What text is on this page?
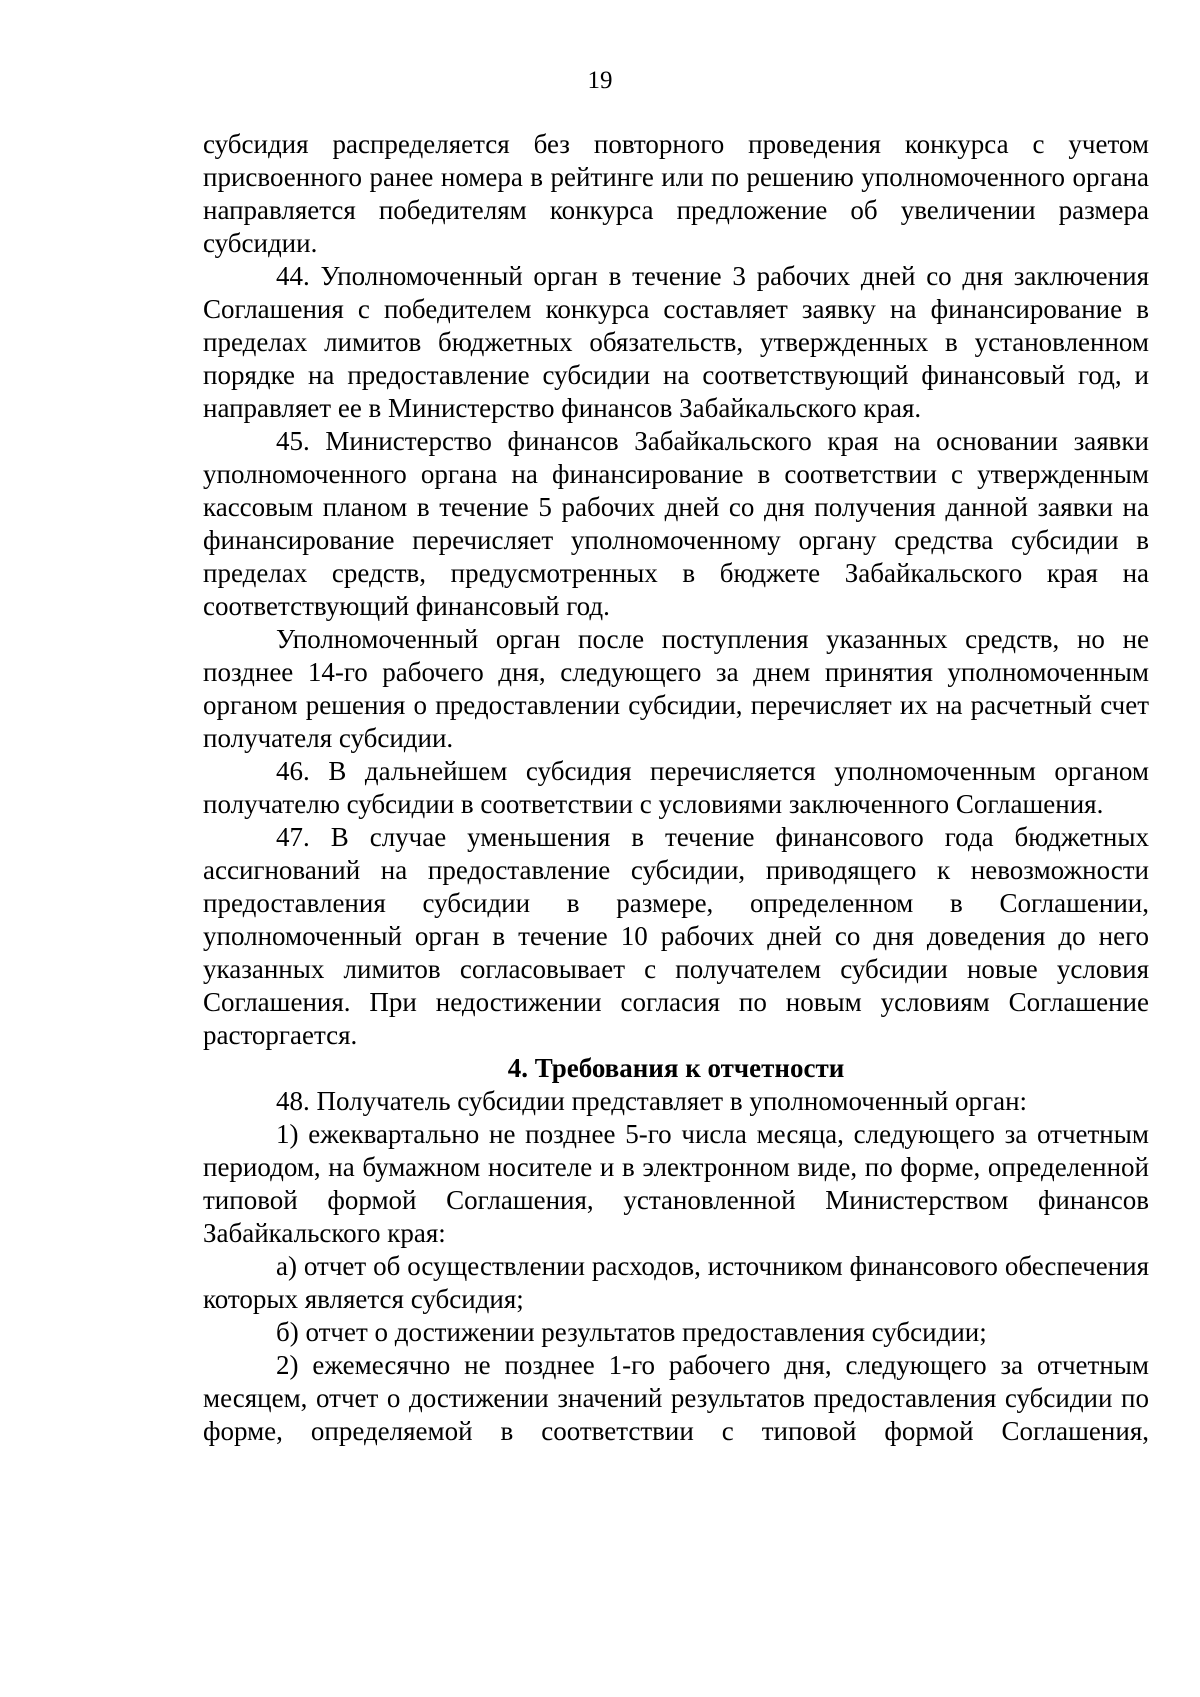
19

субсидия распределяется без повторного проведения конкурса с учетом присвоенного ранее номера в рейтинге или по решению уполномоченного органа направляется победителям конкурса предложение об увеличении размера субсидии.

44. Уполномоченный орган в течение 3 рабочих дней со дня заключения Соглашения с победителем конкурса составляет заявку на финансирование в пределах лимитов бюджетных обязательств, утвержденных в установленном порядке на предоставление субсидии на соответствующий финансовый год, и направляет ее в Министерство финансов Забайкальского края.

45. Министерство финансов Забайкальского края на основании заявки уполномоченного органа на финансирование в соответствии с утвержденным кассовым планом в течение 5 рабочих дней со дня получения данной заявки на финансирование перечисляет уполномоченному органу средства субсидии в пределах средств, предусмотренных в бюджете Забайкальского края на соответствующий финансовый год.

Уполномоченный орган после поступления указанных средств, но не позднее 14-го рабочего дня, следующего за днем принятия уполномоченным органом решения о предоставлении субсидии, перечисляет их на расчетный счет получателя субсидии.

46. В дальнейшем субсидия перечисляется уполномоченным органом получателю субсидии в соответствии с условиями заключенного Соглашения.

47. В случае уменьшения в течение финансового года бюджетных ассигнований на предоставление субсидии, приводящего к невозможности предоставления субсидии в размере, определенном в Соглашении, уполномоченный орган в течение 10 рабочих дней со дня доведения до него указанных лимитов согласовывает с получателем субсидии новые условия Соглашения. При недостижении согласия по новым условиям Соглашение расторгается.

4. Требования к отчетности

48. Получатель субсидии представляет в уполномоченный орган:

1) ежеквартально не позднее 5-го числа месяца, следующего за отчетным периодом, на бумажном носителе и в электронном виде, по форме, определенной типовой формой Соглашения, установленной Министерством финансов Забайкальского края:

а) отчет об осуществлении расходов, источником финансового обеспечения которых является субсидия;

б) отчет о достижении результатов предоставления субсидии;

2) ежемесячно не позднее 1-го рабочего дня, следующего за отчетным месяцем, отчет о достижении значений результатов предоставления субсидии по форме, определяемой в соответствии с типовой формой Соглашения,
